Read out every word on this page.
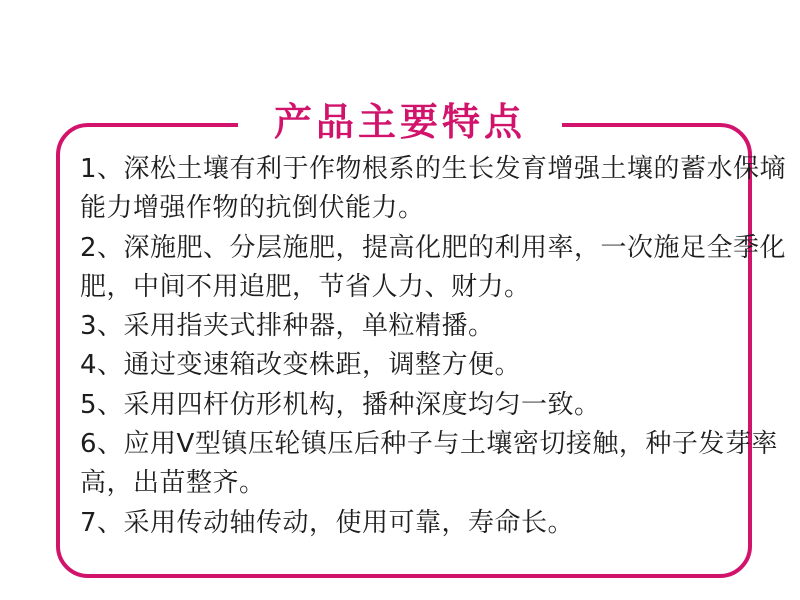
产品主要特点
1、深松土壤有利于作物根系的生长发育增强土壤的蓄水保墒
能力增强作物的抗倒伏能力。
2、深施肥、分层施肥，提高化肥的利用率，一次施足全季化
肥，中间不用追肥，节省人力、财力。
3、采用指夹式排种器，单粒精播。
4、通过变速箱改变株距，调整方便。
5、采用四杆仿形机构，播种深度均匀一致。
6、应用V型镇压轮镇压后种子与土壤密切接触，种子发芽率
高，出苗整齐。
7、采用传动轴传动，使用可靠，寿命长。
